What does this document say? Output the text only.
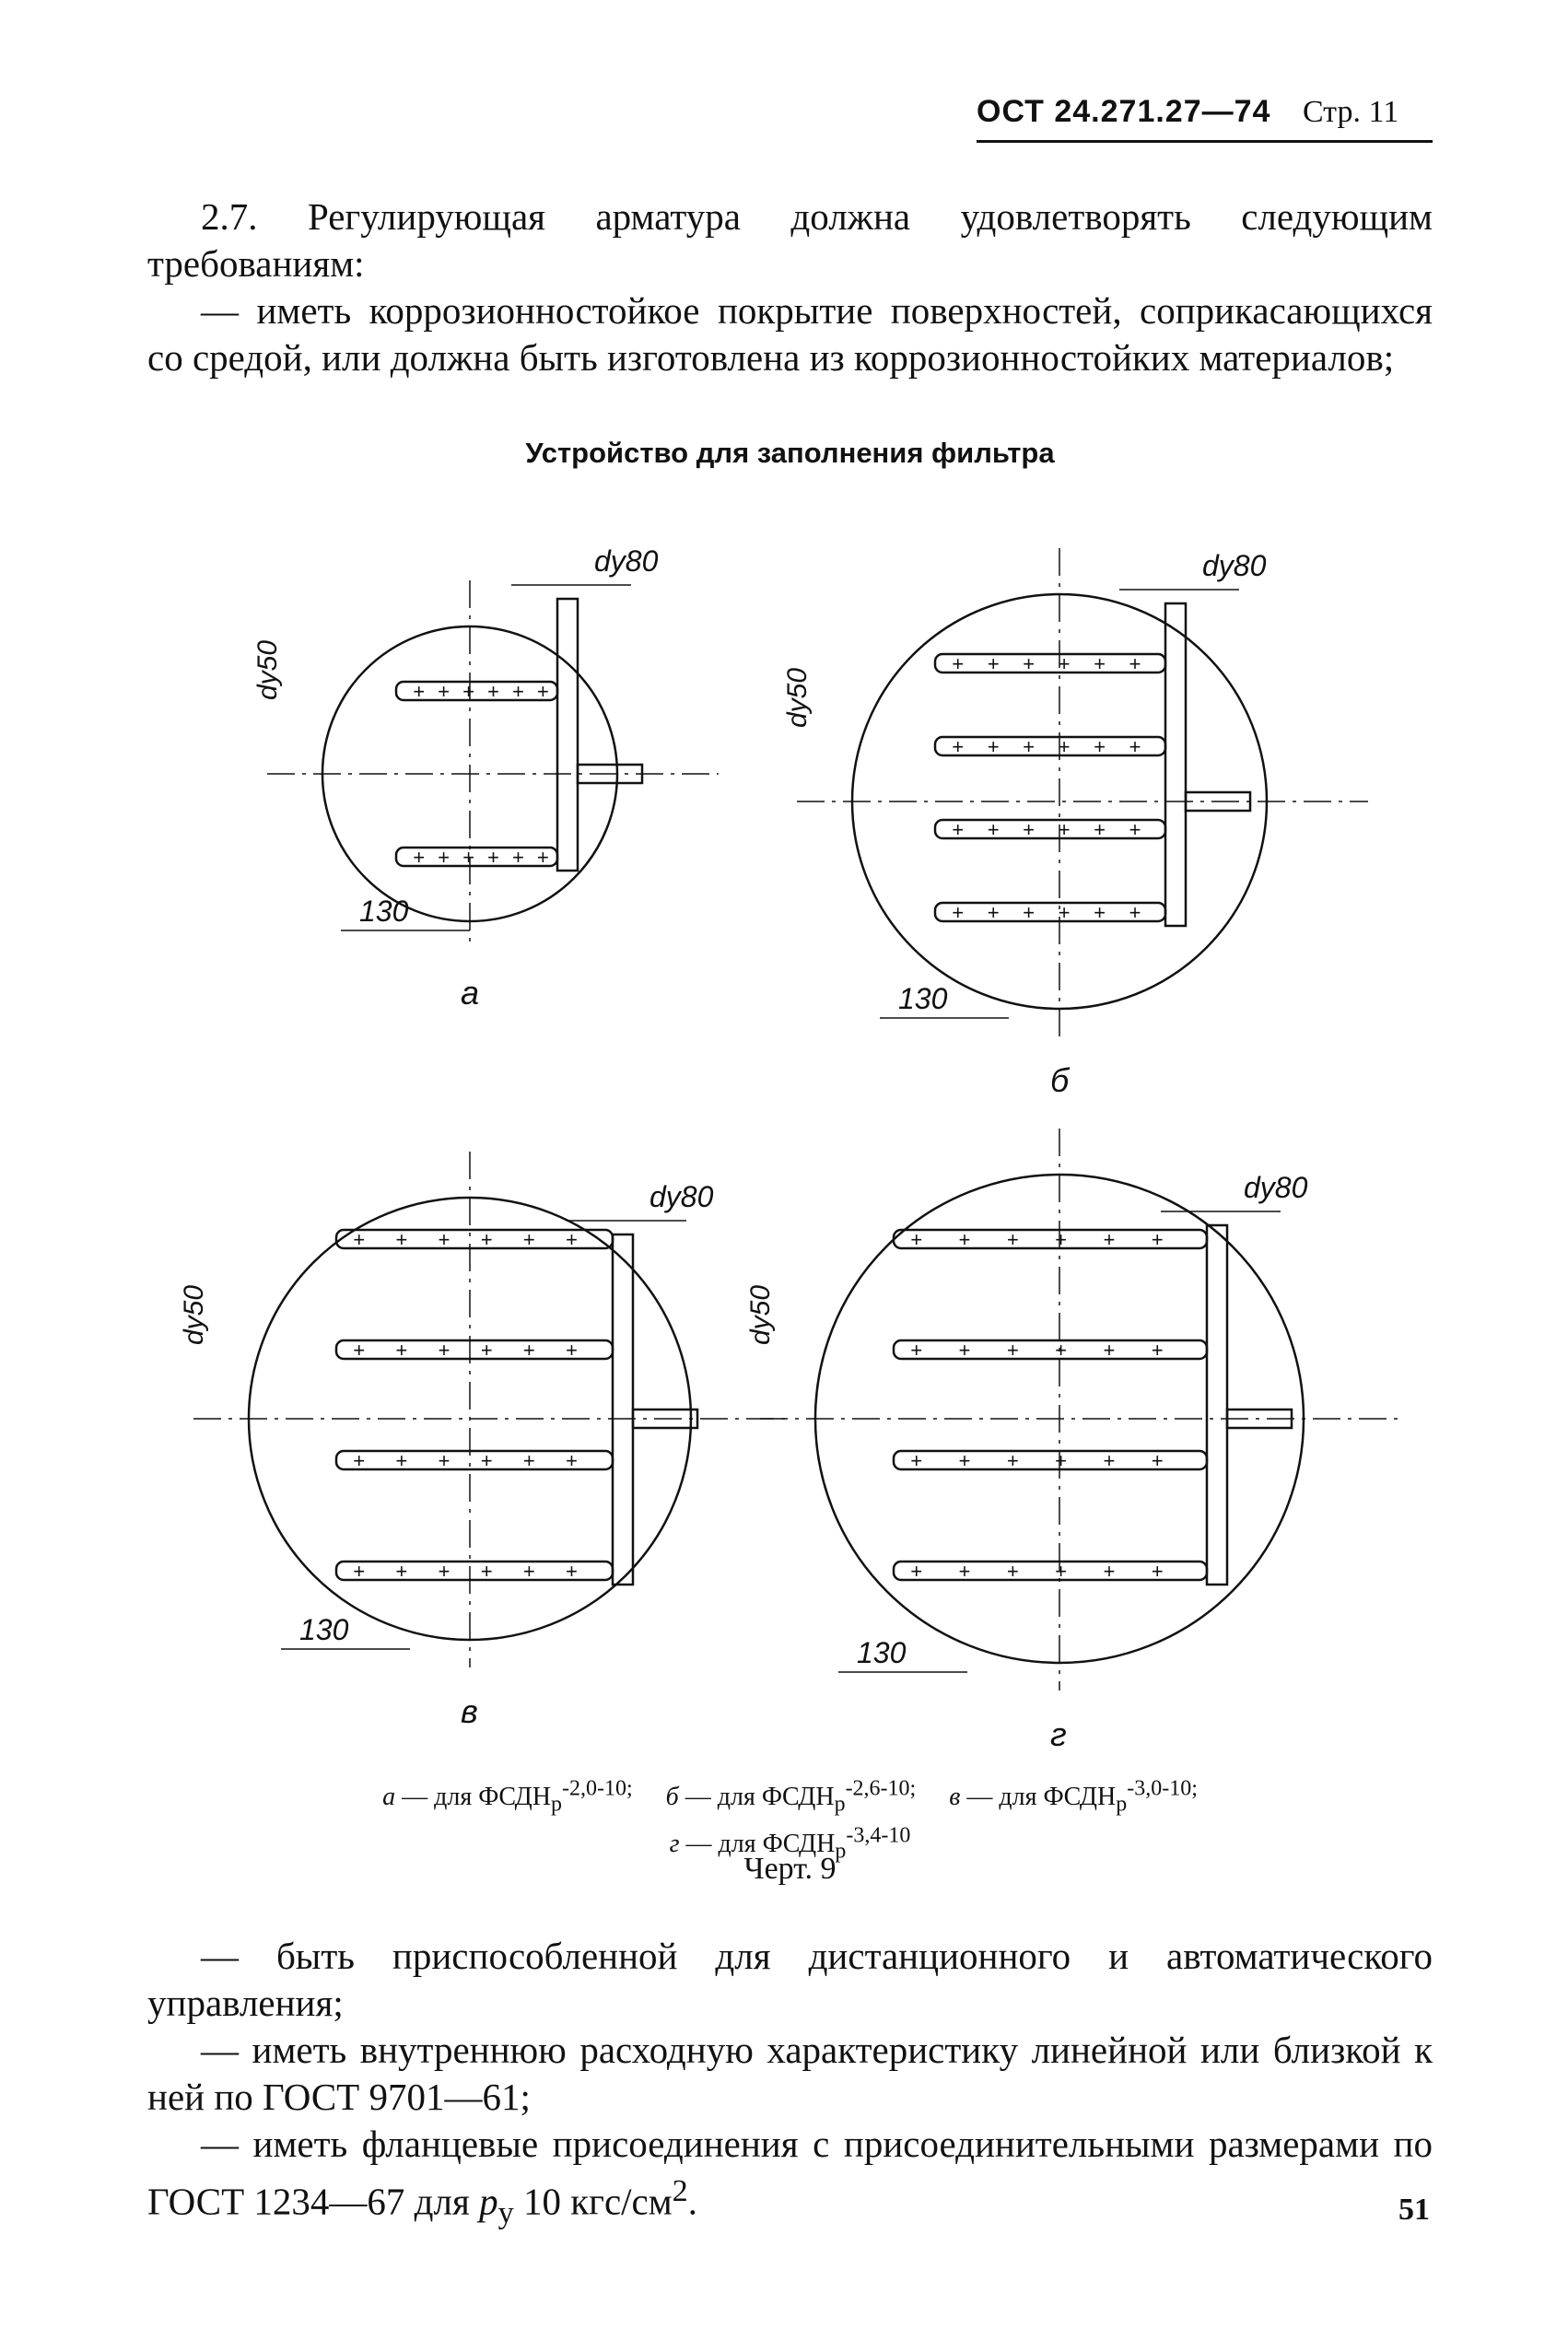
ОСТ 24.271.27—74 Стр. 11

2.7. Регулирующая арматура должна удовлетворять следующим требованиям:

— иметь коррозионностойкое покрытие поверхностей, соприкасающихся со средой, или должна быть изготовлена из коррозионностойких материалов;

Устройство для заполнения фильтра
+ + + + + +
+ + + + + +
dу80
dу50
130
а
+ + + + + +
+ + + + + +
+ + + + + +
+ + + + + +
dу80
dу50
130
б
+ + + + + +
+ + + + + +
+ + + + + +
+ + + + + +
dу80
dу50
130
в
+ + + + + +
+ + + + + +
+ + + + + +
+ + + + + +
dу80
dу50
130
г
а — для $ФСДН_р^{-2,0-10;}$ б — для $ФСДН_р^{-2,6-10;}$ в — для $ФСДН_р^{-3,0-10;}$
г — для $ФСДН_р^{-3,4-10}$
Черт. 9

— быть приспособленной для дистанционного и автоматического управления;

— иметь внутреннюю расходную характеристику линейной или близкой к ней по ГОСТ 9701—61;

— иметь фланцевые присоединения с присоединительными размерами по ГОСТ 1234—67 для $p_у$ 10 кгс/$см^2$.	51
